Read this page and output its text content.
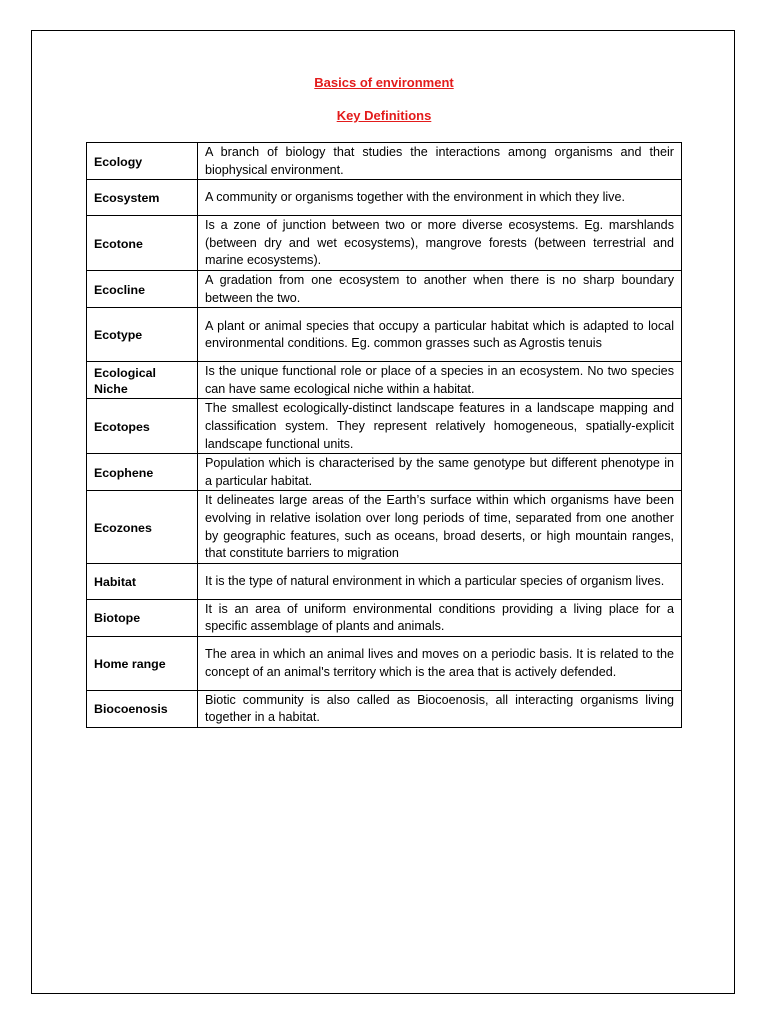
Basics of environment
Key Definitions
Ecology	A branch of biology that studies the interactions among organisms and their biophysical environment.
Ecosystem	A community or organisms together with the environment in which they live.
Ecotone	Is a zone of junction between two or more diverse ecosystems. Eg. marshlands (between dry and wet ecosystems), mangrove forests (between terrestrial and marine ecosystems).
Ecocline	A gradation from one ecosystem to another when there is no sharp boundary between the two.
Ecotype	A plant or animal species that occupy a particular habitat which is adapted to local environmental conditions. Eg. common grasses such as Agrostis tenuis
Ecological Niche	Is the unique functional role or place of a species in an ecosystem. No two species can have same ecological niche within a habitat.
Ecotopes	The smallest ecologically-distinct landscape features in a landscape mapping and classification system. They represent relatively homogeneous, spatially-explicit landscape functional units.
Ecophene	Population which is characterised by the same genotype but different phenotype in a particular habitat.
Ecozones	It delineates large areas of the Earth’s surface within which organisms have been evolving in relative isolation over long periods of time, separated from one another by geographic features, such as oceans, broad deserts, or high mountain ranges, that constitute barriers to migration
Habitat	It is the type of natural environment in which a particular species of organism lives.
Biotope	It is an area of uniform environmental conditions providing a living place for a specific assemblage of plants and animals.
Home range	The area in which an animal lives and moves on a periodic basis. It is related to the concept of an animal's territory which is the area that is actively defended.
Biocoenosis	Biotic community is also called as Biocoenosis, all interacting organisms living together in a habitat.
